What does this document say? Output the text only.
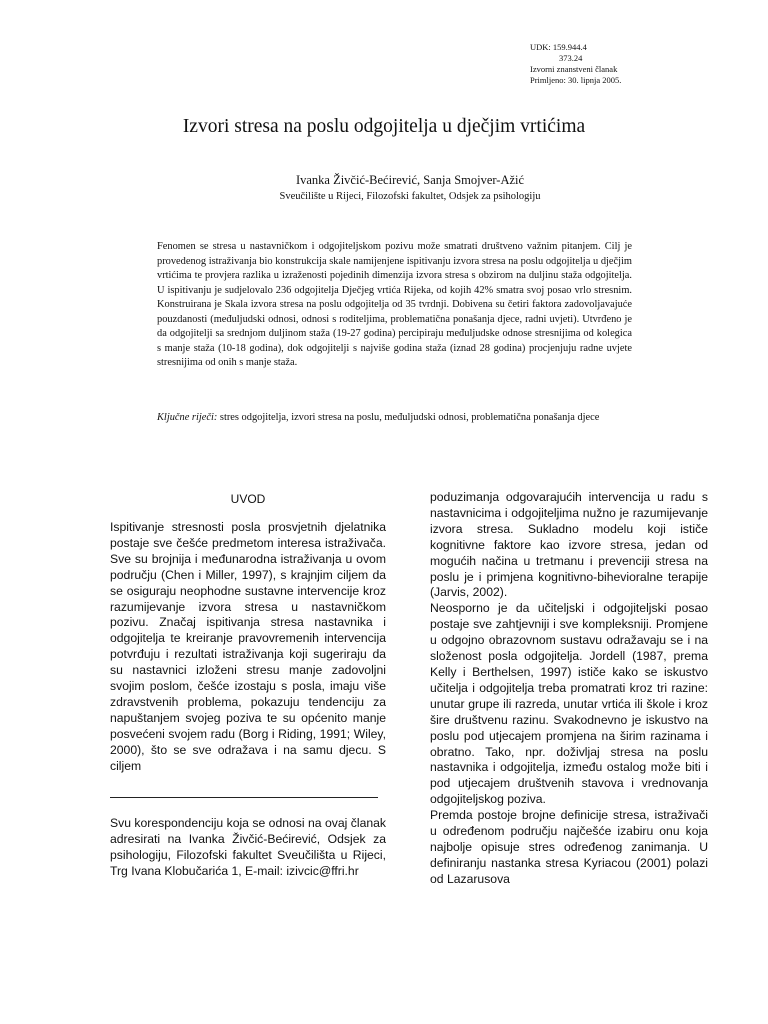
UDK: 159.944.4
373.24
Izvorni znanstveni članak
Primljeno: 30. lipnja 2005.
Izvori stresa na poslu odgojitelja u dječjim vrtićima
Ivanka Živčić-Bećirević, Sanja Smojver-Ažić
Sveučilište u Rijeci, Filozofski fakultet, Odsjek za psihologiju
Fenomen se stresa u nastavničkom i odgojiteljskom pozivu može smatrati društveno važnim pitanjem. Cilj je provedenog istraživanja bio konstrukcija skale namijenjene ispitivanju izvora stresa na poslu odgojitelja u dječjim vrtićima te provjera razlika u izraženosti pojedinih dimenzija izvora stresa s obzirom na duljinu staža odgojitelja. U ispitivanju je sudjelovalo 236 odgojitelja Dječjeg vrtića Rijeka, od kojih 42% smatra svoj posao vrlo stresnim. Konstruirana je Skala izvora stresa na poslu odgojitelja od 35 tvrdnji. Dobivena su četiri faktora zadovoljavajuće pouzdanosti (međuljudski odnosi, odnosi s roditeljima, problematična ponašanja djece, radni uvjeti). Utvrđeno je da odgojitelji sa srednjom duljinom staža (19-27 godina) percipiraju međuljudske odnose stresnijima od kolegica s manje staža (10-18 godina), dok odgojitelji s najviše godina staža (iznad 28 godina) procjenjuju radne uvjete stresnijima od onih s manje staža.
Ključne riječi: stres odgojitelja, izvori stresa na poslu, međuljudski odnosi, problematična ponašanja djece
UVOD

Ispitivanje stresnosti posla prosvjetnih djelatnika postaje sve češće predmetom interesa istraživača. Sve su brojnija i međunarodna istraživanja u ovom području (Chen i Miller, 1997), s krajnjim ciljem da se osiguraju neophodne sustavne intervencije kroz razumijevanje izvora stresa u nastavničkom pozivu. Značaj ispitivanja stresa nastavnika i odgojitelja te kreiranje pravovremenih intervencija potvrđuju i rezultati istraživanja koji sugeriraju da su nastavnici izloženi stresu manje zadovoljni svojim poslom, češće izostaju s posla, imaju više zdravstvenih problema, pokazuju tendenciju za napuštanjem svojeg poziva te su općenito manje posvećeni svojem radu (Borg i Riding, 1991; Wiley, 2000), što se sve odražava i na samu djecu. S ciljem

Svu korespondenciju koja se odnosi na ovaj članak adresirati na Ivanka Živčić-Bećirević, Odsjek za psihologiju, Filozofski fakultet Sveučilišta u Rijeci, Trg Ivana Klobučarića 1, E-mail: izivcic@ffri.hr

poduzimanja odgovarajućih intervencija u radu s nastavnicima i odgojiteljima nužno je razumijevanje izvora stresa. Sukladno modelu koji ističe kognitivne faktore kao izvore stresa, jedan od mogućih načina u tretmanu i prevenciji stresa na poslu je i primjena kognitivno-bihevioralne terapije (Jarvis, 2002).

Neosporno je da učiteljski i odgojiteljski posao postaje sve zahtjevniji i sve kompleksniji. Promjene u odgojno obrazovnom sustavu odražavaju se i na složenost posla odgojitelja. Jordell (1987, prema Kelly i Berthelsen, 1997) ističe kako se iskustvo učitelja i odgojitelja treba promatrati kroz tri razine: unutar grupe ili razreda, unutar vrtića ili škole i kroz šire društvenu razinu. Svakodnevno je iskustvo na poslu pod utjecajem promjena na širim razinama i obratno. Tako, npr. doživljaj stresa na poslu nastavnika i odgojitelja, između ostalog može biti i pod utjecajem društvenih stavova i vrednovanja odgojiteljskog poziva.

Premda postoje brojne definicije stresa, istraživači u određenom području najčešće izabiru onu koja najbolje opisuje stres određenog zanimanja. U definiranju nastanka stresa Kyriacou (2001) polazi od Lazarusova
